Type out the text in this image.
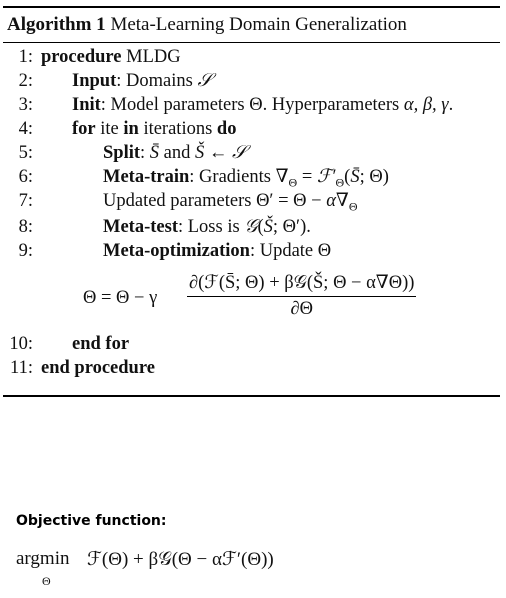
Algorithm 1 Meta-Learning Domain Generalization
1: procedure MLDG
2: Input: Domains 𝒮
3: Init: Model parameters Θ. Hyperparameters α, β, γ.
4: for ite in iterations do
5:	Split: S̄ and Š ← 𝒮
6:	Meta-train: Gradients $\nabla_\Theta$ = $ℱ'_\Theta(S̄$; Θ)
7:	Updated parameters $\Theta' = \Theta - \alpha\nabla_\Theta$
8:	Meta-test: Loss is 𝒢(Š; Θ′).
9:	Meta-optimization: Update Θ
Θ = Θ − γ
∂(ℱ(S̄; Θ) + β𝒢(Š; Θ − α∇Θ))
∂Θ
10: end for
11: end procedure
Objective function:
argmin
Θ
ℱ(Θ) + β𝒢(Θ − αℱ′(Θ))
